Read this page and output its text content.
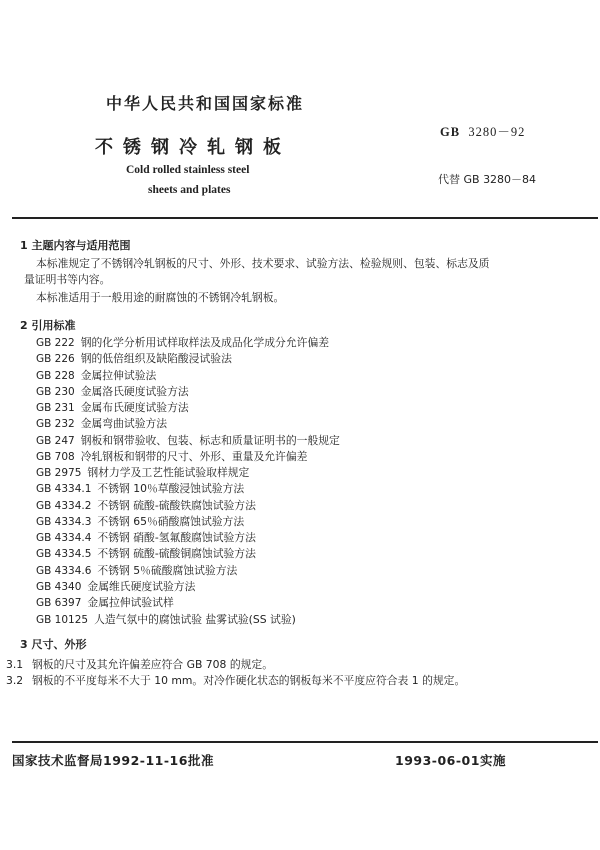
中华人民共和国国家标准
不锈钢冷轧钢板
GB 3280－92
Cold rolled stainless steel
sheets and plates
代替 GB 3280－84
1 主题内容与适用范围
本标准规定了不锈钢冷轧钢板的尺寸、外形、技术要求、试验方法、检验规则、包装、标志及质量证明书等内容。
本标准适用于一般用途的耐腐蚀的不锈钢冷轧钢板。
2 引用标准
GB 222 钢的化学分析用试样取样法及成品化学成分允许偏差
GB 226 钢的低倍组织及缺陷酸浸试验法
GB 228 金属拉伸试验法
GB 230 金属洛氏硬度试验方法
GB 231 金属布氏硬度试验方法
GB 232 金属弯曲试验方法
GB 247 钢板和钢带验收、包装、标志和质量证明书的一般规定
GB 708 冷轧钢板和钢带的尺寸、外形、重量及允许偏差
GB 2975 钢材力学及工艺性能试验取样规定
GB 4334.1 不锈钢 10％草酸浸蚀试验方法
GB 4334.2 不锈钢 硫酸-硫酸铁腐蚀试验方法
GB 4334.3 不锈钢 65％硝酸腐蚀试验方法
GB 4334.4 不锈钢 硝酸-氢氟酸腐蚀试验方法
GB 4334.5 不锈钢 硫酸-硫酸铜腐蚀试验方法
GB 4334.6 不锈钢 5％硫酸腐蚀试验方法
GB 4340 金属维氏硬度试验方法
GB 6397 金属拉伸试验试样
GB 10125 人造气氛中的腐蚀试验 盐雾试验(SS 试验)
3 尺寸、外形
3.1 钢板的尺寸及其允许偏差应符合 GB 708 的规定。
3.2 钢板的不平度每米不大于 10 mm。对冷作硬化状态的钢板每米不平度应符合表 1 的规定。
国家技术监督局1992-11-16批准	1993-06-01实施
